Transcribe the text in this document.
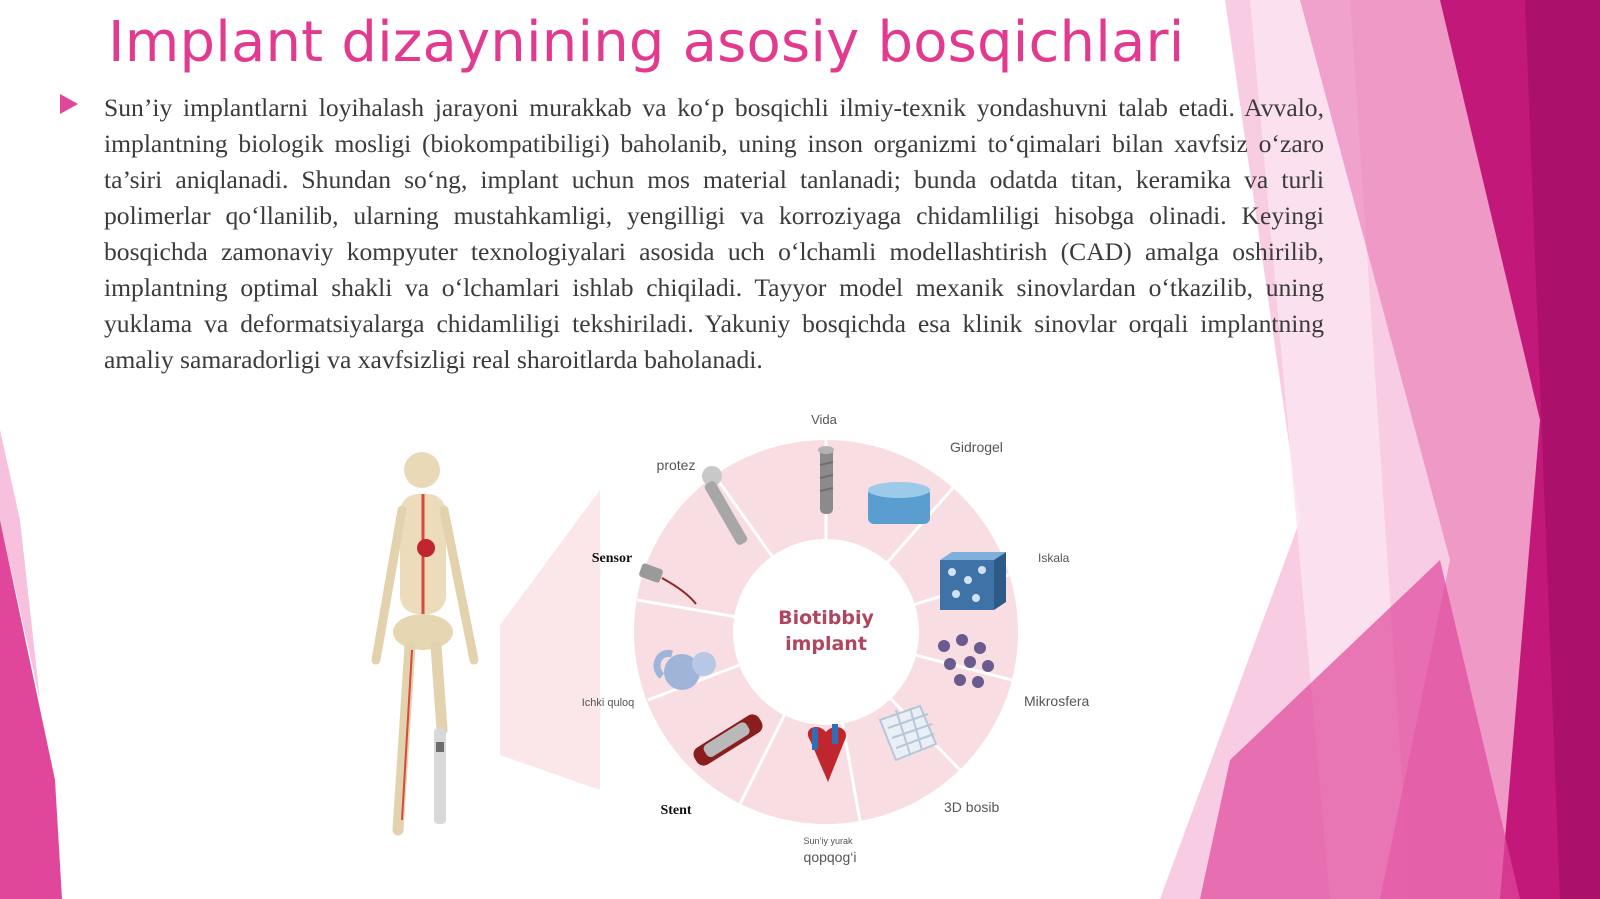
Implant dizaynining asosiy bosqichlari

Sun’iy implantlarni loyihalash jarayoni murakkab va ko‘p bosqichli ilmiy-texnik yondashuvni talab etadi. Avvalo, implantning biologik mosligi (biokompatibiligi) baholanib, uning inson organizmi to‘qimalari bilan xavfsiz o‘zaro ta’siri aniqlanadi. Shundan so‘ng, implant uchun mos material tanlanadi; bunda odatda titan, keramika va turli polimerlar qo‘llanilib, ularning mustahkamligi, yengilligi va korroziyaga chidamliligi hisobga olinadi. Keyingi bosqichda zamonaviy kompyuter texnologiyalari asosida uch o‘lchamli modellashtirish (CAD) amalga oshirilib, implantning optimal shakli va o‘lchamlari ishlab chiqiladi. Tayyor model mexanik sinovlardan o‘tkazilib, uning yuklama va deformatsiyalarga chidamliligi tekshiriladi. Yakuniy bosqichda esa klinik sinovlar orqali implantning amaliy samaradorligi va xavfsizligi real sharoitlarda baholanadi.

Biotibbiy
implant
Vida
Gidrogel
protez
Sensor	Iskala
Mikrosfera
Ichki quloq
Stent	3D bosib
Sun’iy yurak
qopqog‘i
